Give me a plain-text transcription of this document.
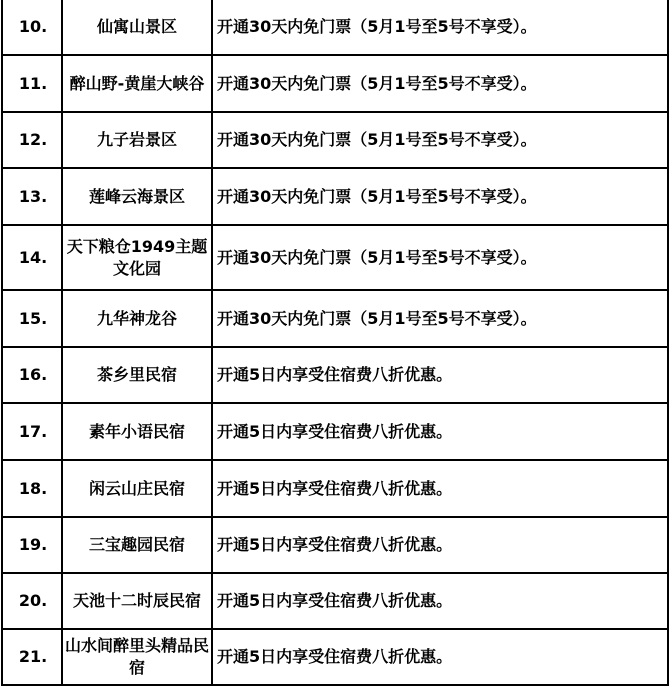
10.	仙寓山景区	开通30天内免门票（5月1号至5号不享受）。
11.	醉山野-黄崖大峡谷	开通30天内免门票（5月1号至5号不享受）。
12.	九子岩景区	开通30天内免门票（5月1号至5号不享受）。
13.	莲峰云海景区	开通30天内免门票（5月1号至5号不享受）。
14.	天下粮仓1949主题文化园	开通30天内免门票（5月1号至5号不享受）。
15.	九华神龙谷	开通30天内免门票（5月1号至5号不享受）。
16.	茶乡里民宿	开通5日内享受住宿费八折优惠。
17.	素年小语民宿	开通5日内享受住宿费八折优惠。
18.	闲云山庄民宿	开通5日内享受住宿费八折优惠。
19.	三宝趣园民宿	开通5日内享受住宿费八折优惠。
20.	天池十二时辰民宿	开通5日内享受住宿费八折优惠。
21.	山水间醉里头精品民宿	开通5日内享受住宿费八折优惠。
